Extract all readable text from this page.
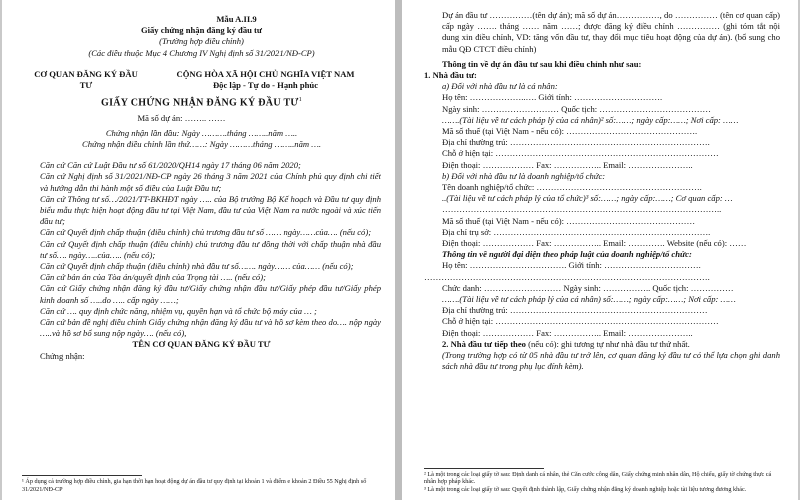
Mẫu A.II.9
Giấy chứng nhận đăng ký đầu tư
(Trường hợp điều chỉnh)
(Các điều thuộc Mục 4 Chương IV Nghị định số 31/2021/NĐ-CP)
CƠ QUAN ĐĂNG KÝ ĐẦU
TƯ
CỘNG HÒA XÃ HỘI CHỦ NGHĨA VIỆT NAM
Độc lập - Tự do - Hạnh phúc
GIẤY CHỨNG NHẬN ĐĂNG KÝ ĐẦU $TƯ^1$
Mã số dự án: …….. ……
Chứng nhận lần đầu: Ngày ……….tháng ……..năm …..
Chứng nhận điều chỉnh lần thứ……: Ngày ………tháng ……..năm ….
Căn cứ Căn cứ Luật Đầu tư số 61/2020/QH14 ngày 17 tháng 06 năm 2020;
Căn cứ Nghị định số 31/2021/NĐ-CP ngày 26 tháng 3 năm 2021 của Chính phủ quy định chi tiết và hướng dẫn thi hành một số điều của Luật Đầu tư;
Căn cứ Thông tư số…/2021/TT-BKHĐT ngày ….. của Bộ trưởng Bộ Kế hoạch và Đầu tư quy định biểu mẫu thực hiện hoạt động đầu tư tại Việt Nam, đầu tư của Việt Nam ra nước ngoài và xúc tiến đầu tư;
Căn cứ Quyết định chấp thuận (điều chỉnh) chủ trương đầu tư số …… ngày……của…. (nếu có);
Căn cứ Quyết định chấp thuận (điều chỉnh) chủ trương đầu tư đồng thời với chấp thuận nhà đầu tư số…. ngày…..của….. (nếu có);
Căn cứ Quyết định chấp thuận (điều chỉnh) nhà đầu tư số……. ngày…… của…… (nếu có);
Căn cứ bản án của Tòa án/quyết định của Trọng tài ….. (nếu có);
Căn cứ Giấy chứng nhận đăng ký đầu tư/Giấy chứng nhận đầu tư/Giấy phép đầu tư/Giấy phép kinh doanh số …..do ….. cấp ngày ……;
Căn cứ …. quy định chức năng, nhiệm vụ, quyền hạn và tổ chức bộ máy của … ;
Căn cứ bản đề nghị điều chỉnh Giấy chứng nhận đăng ký đầu tư và hồ sơ kèm theo do…. nộp ngày …..và hồ sơ bổ sung nộp ngày…. (nếu có),
TÊN CƠ QUAN ĐĂNG KÝ ĐẦU TƯ
Chứng nhận:
¹ Áp dụng cả trường hợp điều chỉnh, gia hạn thời hạn hoạt động dự án đầu tư quy định tại khoản 1 và điểm e khoản 2 Điều 55 Nghị định số 31/2021/NĐ-CP
Dự án đầu tư ……………(tên dự án); mã số dự án……………, do …………… (tên cơ quan cấp) cấp ngày ……. tháng …… năm ……; được đăng ký điều chỉnh …………… (ghi tóm tắt nội dung xin điều chỉnh, VD: tăng vốn đầu tư, thay đổi mục tiêu hoạt động của dự án). (bổ sung cho mẫu QĐ CTCT điều chỉnh)
Thông tin về dự án đầu tư sau khi điều chỉnh như sau:
1. Nhà đầu tư:
a) Đối với nhà đầu tư là cá nhân:
Họ tên: ………………..…. Giới tính: ………………………….
Ngày sinh: ……………………… Quốc tịch: …………………………………
…….(Tài liệu về tư cách pháp lý của cá nhân)² số:……; ngày cấp:……; Nơi cấp: ……
Mã số thuế (tại Việt Nam - nếu có): ……………………………………….
Địa chỉ thường trú: …………………………………………………………….
Chỗ ở hiện tại: ……………………………………………………………………
Điện thoại: ……………… Fax: …………….. Email: …………………..
b) Đối với nhà đầu tư là doanh nghiệp/tổ chức:
Tên doanh nghiệp/tổ chức: ………………………………………………….
..(Tài liệu về tư cách pháp lý của tổ chức)³ số:……; ngày cấp:……; Cơ quan cấp: …
……………………………………………………………………………………..
Mã số thuế (tại Việt Nam - nếu có): ………………………………………
Địa chỉ trụ sở: ………………………………………………………………….
Điện thoại: ……………… Fax: …………….. Email: …………. Website (nếu có): ……
Thông tin về người đại diện theo pháp luật của doanh nghiệp/tổ chức:
Họ tên: ……………………………. Giới tính: …………………………….
……………………………………………………………………………………….
Chức danh: ……………………… Ngày sinh: …………….. Quốc tịch: ……………
…….(Tài liệu về tư cách pháp lý của cá nhân) số:……; ngày cấp:……; Nơi cấp: ……
Địa chỉ thường trú: ……………………………………………………………
Chỗ ở hiện tại: ……………………………………………………………………
Điện thoại: ……………… Fax: …………….. Email: …………………..
2. Nhà đầu tư tiếp theo (nếu có): ghi tương tự như nhà đầu tư thứ nhất.
(Trong trường hợp có từ 05 nhà đầu tư trở lên, cơ quan đăng ký đầu tư có thể lựa chọn ghi danh sách nhà đầu tư trong phụ lục đính kèm).
² Là một trong các loại giấy tờ sau: Định danh cá nhân, thẻ Căn cước công dân, Giấy chứng minh nhân dân, Hộ chiếu, giấy tờ chứng thực cá nhân hợp pháp khác.
³ Là một trong các loại giấy tờ sau: Quyết định thành lập, Giấy chứng nhận đăng ký doanh nghiệp hoặc tài liệu tương đương khác.
